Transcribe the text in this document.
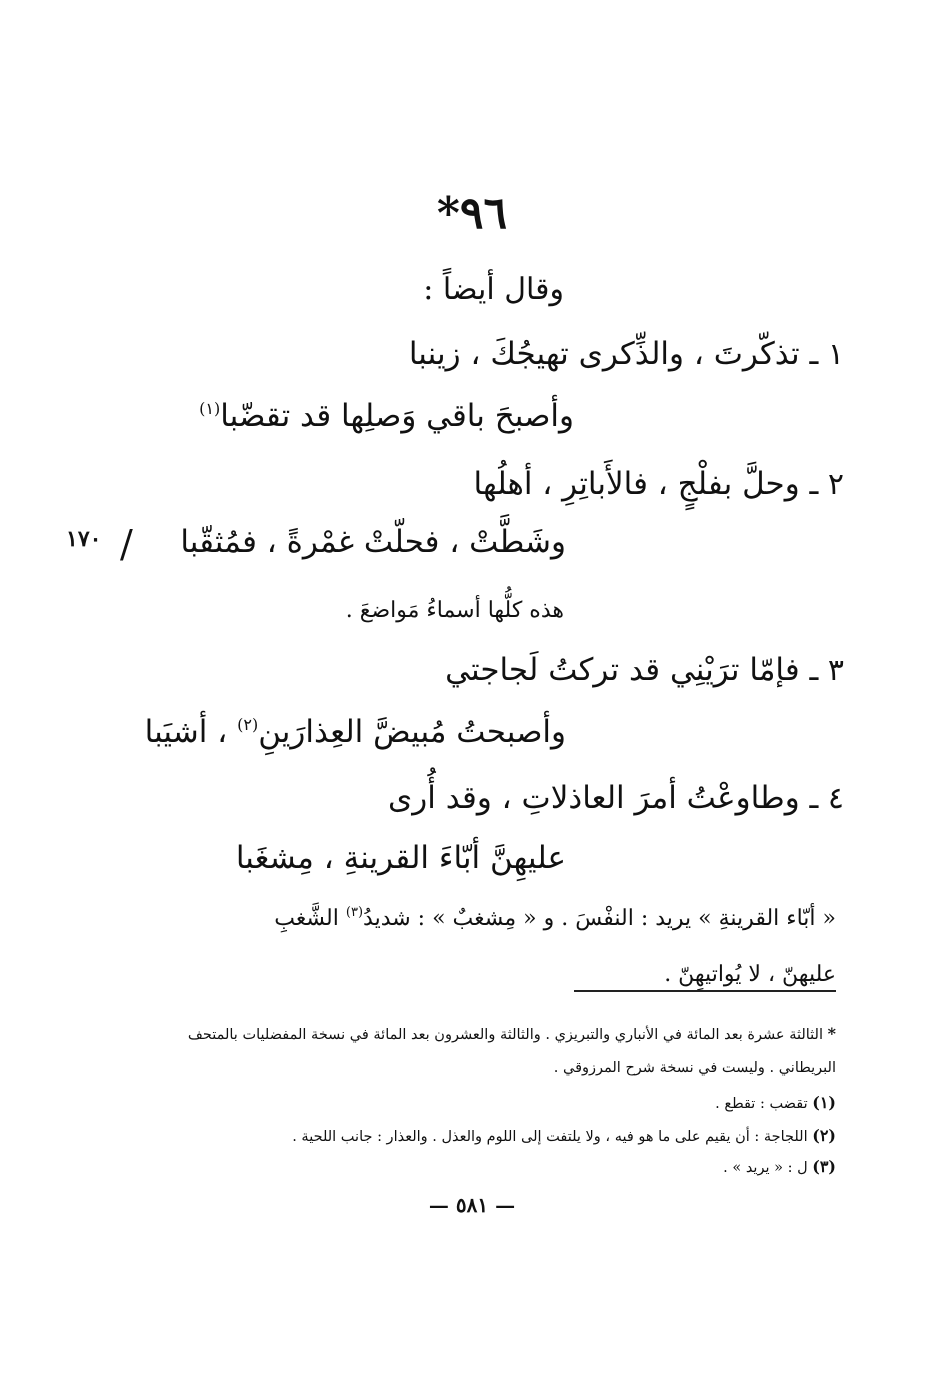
٩٦*
وقال أيضاً :
١ ـ تذكّرتَ ، والذِّكرى تهيجُكَ ، زينبا
وأصبحَ باقي وَصلِها قد تقضّبا$^{(١)}$
٢ ـ وحلَّ بفلْجٍ ، فالأَباتِرِ ، أهلُها
وشَطَّتْ ، فحلّتْ غمْرةً ، فمُثقّبا
/
١٧٠
هذه كلُّها أسماءُ مَواضعَ .
٣ ـ فإمّا ترَيْنِي قد تركتُ لَجاجتي
وأصبحتُ مُبيضَّ العِذارَينِ$^{(٢)}$ ، أشيَبا
٤ ـ وطاوعْتُ أمرَ العاذلاتِ ، وقد أُرى
عليهِنَّ أبّاءَ القرينةِ ، مِشغَبا
« أبّاء القرينةِ » يريد : النفْسَ . و « مِشغبٌ » : شديدُ$^{(٣)}$ الشَّغبِ
عليهنّ ، لا يُواتيهِنّ .
* الثالثة عشرة بعد المائة في الأنباري والتبريزي . والثالثة والعشرون بعد المائة في نسخة المفضليات بالمتحف
البريطاني . وليست في نسخة شرح المرزوقي .
(١) تقضب : تقطع .
(٢) اللجاجة : أن يقيم على ما هو فيه ، ولا يلتفت إلى اللوم والعذل . والعذار : جانب اللحية .
(٣) ل : « يريد » .
— ٥٨١ —
